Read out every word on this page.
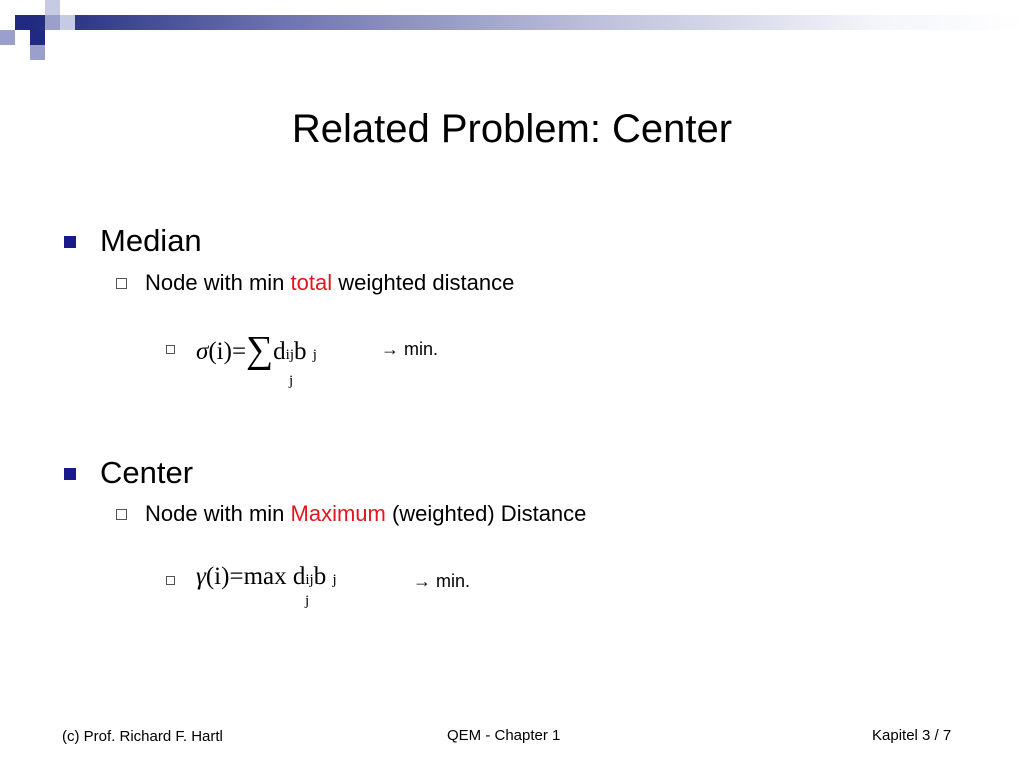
Related Problem: Center
Median
Node with min total weighted distance
σ(i)=∑dijb j
j
→ min.
Center
Node with min Maximum (weighted) Distance
γ(i)=max dijb j
j
→ min.
(c) Prof. Richard F. Hartl	QEM - Chapter 1	Kapitel 3 / 7
